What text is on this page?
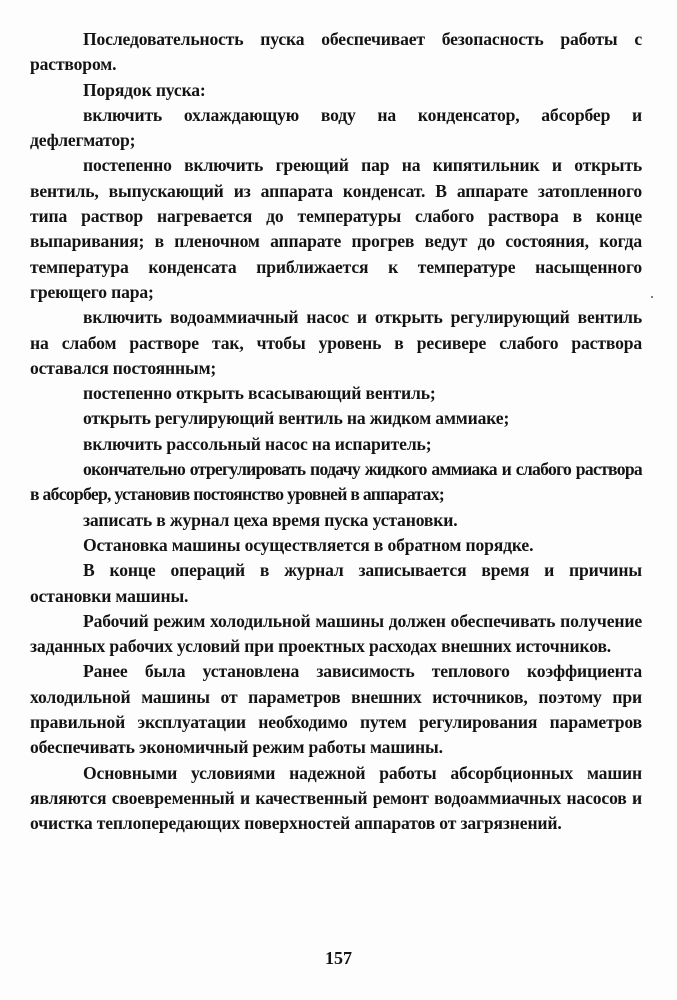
Последовательность пуска обеспечивает безопасность работы с раствором.

Порядок пуска:

включить охлаждающую воду на конденсатор, абсорбер и дефлегматор;

постепенно включить греющий пар на кипятильник и открыть вентиль, выпускающий из аппарата конденсат. В аппарате затопленного типа раствор нагревается до температуры слабого раствора в конце выпаривания; в пленочном аппарате прогрев ведут до состояния, когда температура конденсата приближается к температуре насыщенного греющего пара;

включить водоаммиачный насос и открыть регулирующий вентиль на слабом растворе так, чтобы уровень в ресивере слабого раствора оставался постоянным;

постепенно открыть всасывающий вентиль;

открыть регулирующий вентиль на жидком аммиаке;

включить рассольный насос на испаритель;

окончательно отрегулировать подачу жидкого аммиака и слабого раствора в абсорбер, установив постоянство уровней в аппаратах;

записать в журнал цеха время пуска установки.

Остановка машины осуществляется в обратном порядке.

В конце операций в журнал записывается время и причины остановки машины.

Рабочий режим холодильной машины должен обеспечивать получение заданных рабочих условий при проектных расходах внешних источников.

Ранее была установлена зависимость теплового коэффициента холодильной машины от параметров внешних источников, поэтому при правильной эксплуатации необходимо путем регулирования параметров обеспечивать экономичный режим работы машины.

Основными условиями надежной работы абсорбционных машин являются своевременный и качественный ремонт водоаммиачных насосов и очистка теплопередающих поверхностей аппаратов от загрязнений.

157
